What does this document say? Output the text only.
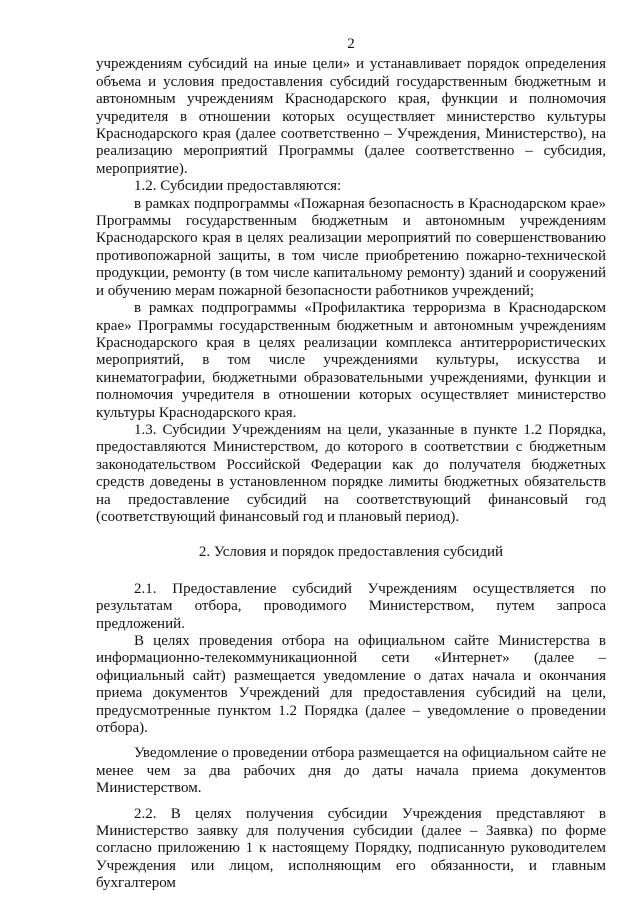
2

учреждениям субсидий на иные цели» и устанавливает порядок определения объема и условия предоставления субсидий государственным бюджетным и автономным учреждениям Краснодарского края, функции и полномочия учредителя в отношении которых осуществляет министерство культуры Краснодарского края (далее соответственно – Учреждения, Министерство), на реализацию мероприятий Программы (далее соответственно – субсидия, мероприятие).

1.2. Субсидии предоставляются:

в рамках подпрограммы «Пожарная безопасность в Краснодарском крае» Программы государственным бюджетным и автономным учреждениям Краснодарского края в целях реализации мероприятий по совершенствованию противопожарной защиты, в том числе приобретению пожарно-технической продукции, ремонту (в том числе капитальному ремонту) зданий и сооружений и обучению мерам пожарной безопасности работников учреждений;

в рамках подпрограммы «Профилактика терроризма в Краснодарском крае» Программы государственным бюджетным и автономным учреждениям Краснодарского края в целях реализации комплекса антитеррористических мероприятий, в том числе учреждениями культуры, искусства и кинематографии, бюджетными образовательными учреждениями, функции и полномочия учредителя в отношении которых осуществляет министерство культуры Краснодарского края.

1.3. Субсидии Учреждениям на цели, указанные в пункте 1.2 Порядка, предоставляются Министерством, до которого в соответствии с бюджетным законодательством Российской Федерации как до получателя бюджетных средств доведены в установленном порядке лимиты бюджетных обязательств на предоставление субсидий на соответствующий финансовый год (соответствующий финансовый год и плановый период).

2. Условия и порядок предоставления субсидий

2.1. Предоставление субсидий Учреждениям осуществляется по результатам отбора, проводимого Министерством, путем запроса предложений.

В целях проведения отбора на официальном сайте Министерства в информационно-телекоммуникационной сети «Интернет» (далее – официальный сайт) размещается уведомление о датах начала и окончания приема документов Учреждений для предоставления субсидий на цели, предусмотренные пунктом 1.2 Порядка (далее – уведомление о проведении отбора).

Уведомление о проведении отбора размещается на официальном сайте не менее чем за два рабочих дня до даты начала приема документов Министерством.

2.2. В целях получения субсидии Учреждения представляют в Министерство заявку для получения субсидии (далее – Заявка) по форме согласно приложению 1 к настоящему Порядку, подписанную руководителем Учреждения или лицом, исполняющим его обязанности, и главным бухгалтером
